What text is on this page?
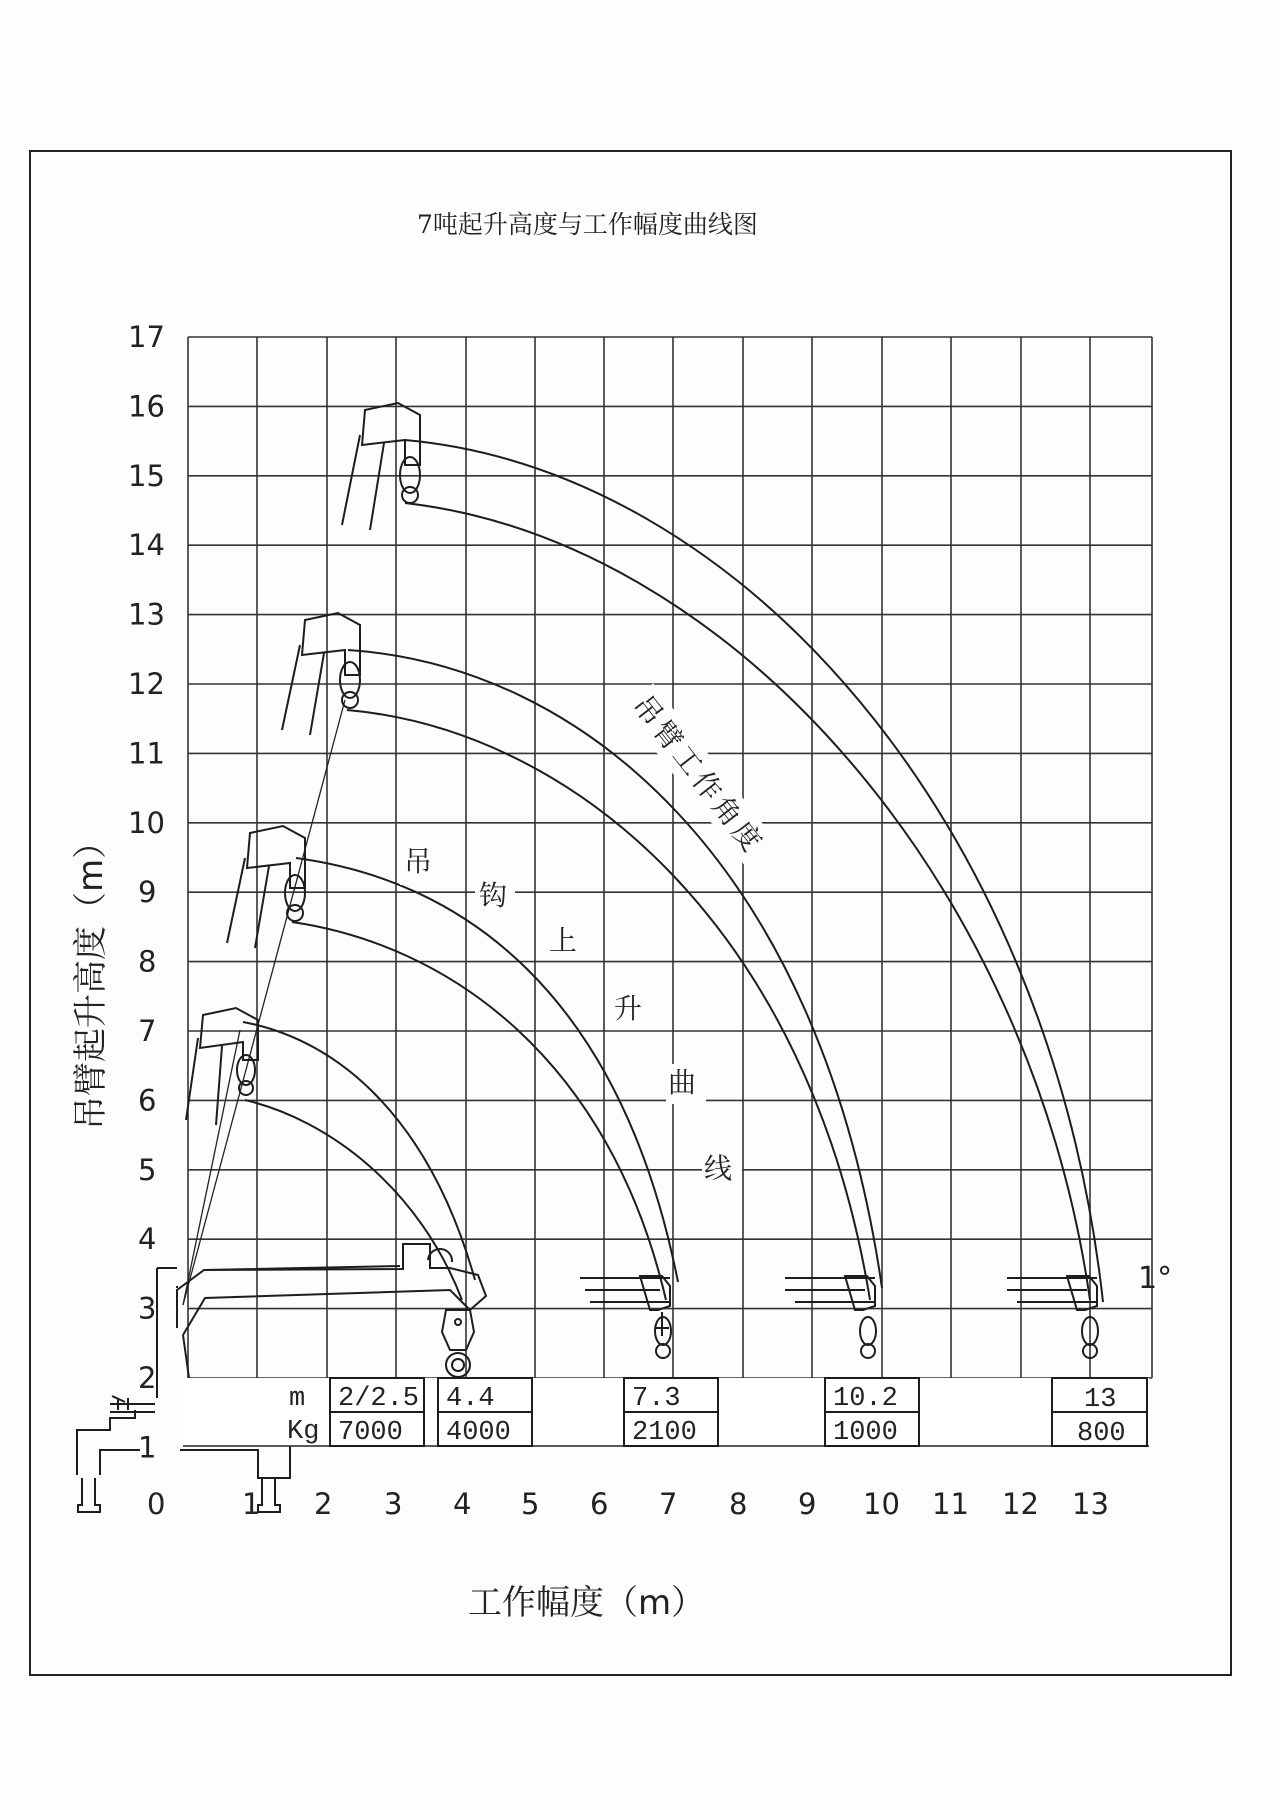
7吨起升高度与工作幅度曲线图
17
16
15
14
13
12
11
10
9
8
7
6
5
4
3
2
1
0	1 2 3 4 5 6 7 8 9 10 11 12 13
吊臂起升高度（m）
工作幅度（m）
吊
钩
上
升
曲
线
吊臂工作角度
1°
m
Kg
2/2.5
7000
4.4
4000
7.3
2100
10.2
1000
13
800
